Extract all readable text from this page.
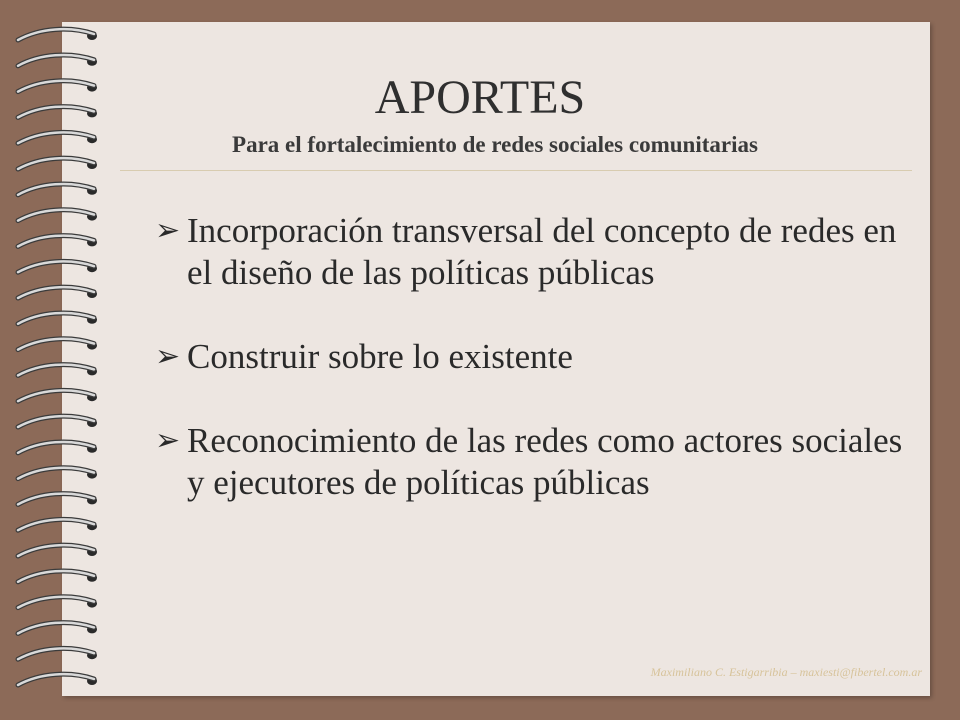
APORTES
Para el fortalecimiento de redes sociales comunitarias
➢ Incorporación transversal del concepto de redes en el diseño de las políticas públicas
➢ Construir sobre lo existente
➢ Reconocimiento de las redes como actores sociales y ejecutores de políticas públicas
Maximiliano C. Estigarribia – maxiesti@fibertel.com.ar
